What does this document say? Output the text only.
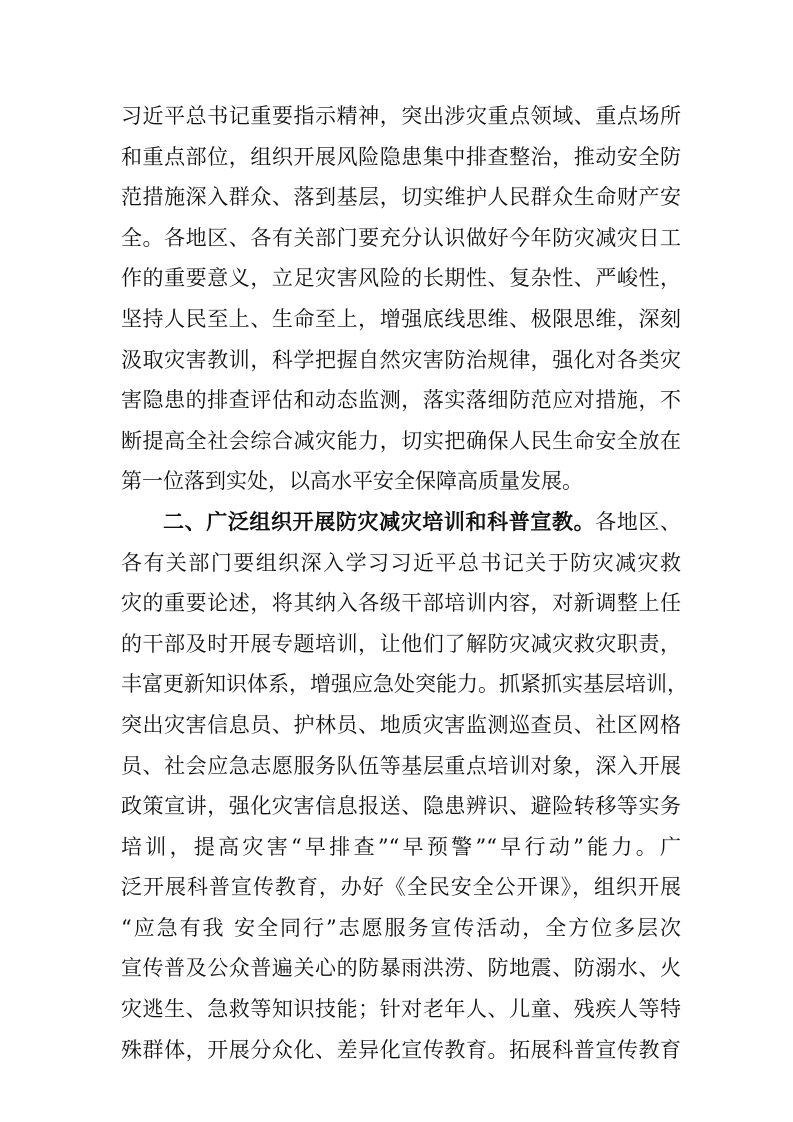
习近平总书记重要指示精神，突出涉灾重点领域、重点场所
和重点部位，组织开展风险隐患集中排查整治，推动安全防
范措施深入群众、落到基层，切实维护人民群众生命财产安
全。各地区、各有关部门要充分认识做好今年防灾减灾日工
作的重要意义，立足灾害风险的长期性、复杂性、严峻性，
坚持人民至上、生命至上，增强底线思维、极限思维，深刻
汲取灾害教训，科学把握自然灾害防治规律，强化对各类灾
害隐患的排查评估和动态监测，落实落细防范应对措施，不
断提高全社会综合减灾能力，切实把确保人民生命安全放在
第一位落到实处，以高水平安全保障高质量发展。
二、广泛组织开展防灾减灾培训和科普宣教。各地区、
各有关部门要组织深入学习习近平总书记关于防灾减灾救
灾的重要论述，将其纳入各级干部培训内容，对新调整上任
的干部及时开展专题培训，让他们了解防灾减灾救灾职责，
丰富更新知识体系，增强应急处突能力。抓紧抓实基层培训，
突出灾害信息员、护林员、地质灾害监测巡查员、社区网格
员、社会应急志愿服务队伍等基层重点培训对象，深入开展
政策宣讲，强化灾害信息报送、隐患辨识、避险转移等实务
培训，提高灾害“早排查”“早预警”“早行动”能力。广
泛开展科普宣传教育，办好《全民安全公开课》，组织开展
“应急有我 安全同行”志愿服务宣传活动，全方位多层次
宣传普及公众普遍关心的防暴雨洪涝、防地震、防溺水、火
灾逃生、急救等知识技能；针对老年人、儿童、残疾人等特
殊群体，开展分众化、差异化宣传教育。拓展科普宣传教育
